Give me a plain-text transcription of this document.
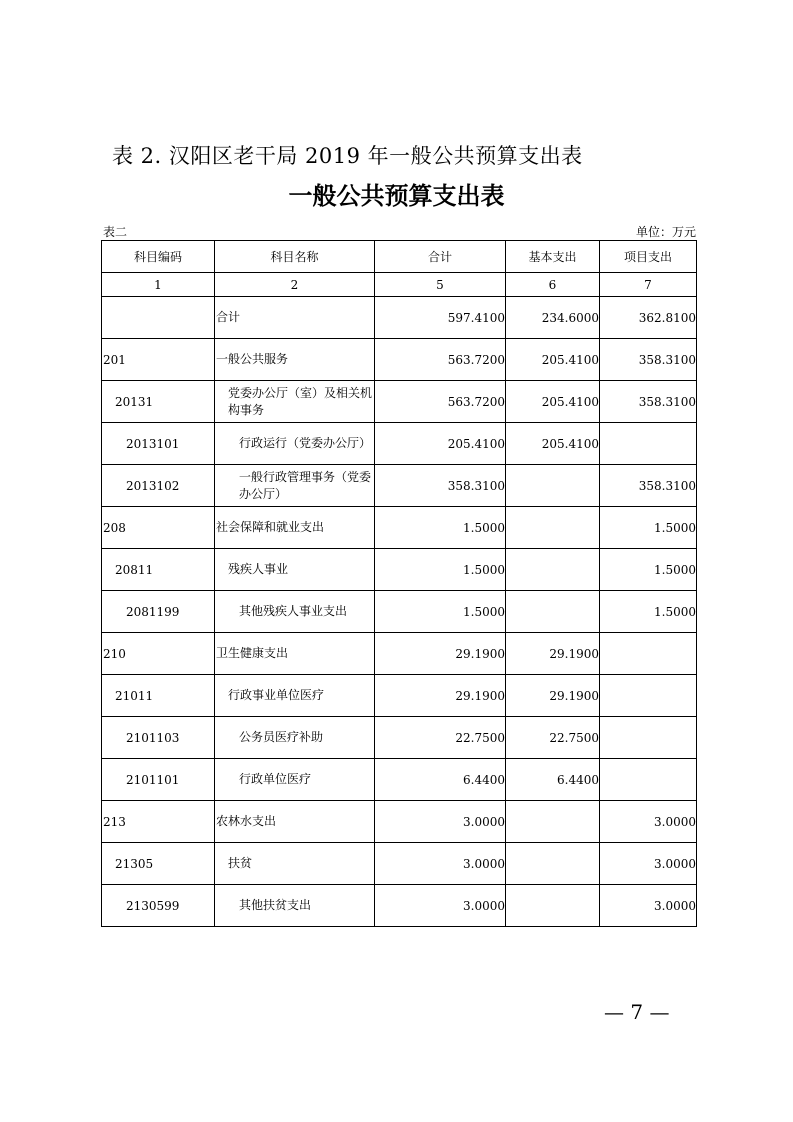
表 2. 汉阳区老干局 2019 年一般公共预算支出表
一般公共预算支出表
表二	单位：万元
科目编码	科目名称	合计	基本支出	项目支出
1	2	5	6	7
	合计	597.4100	234.6000	362.8100
201	一般公共服务	563.7200	205.4100	358.3100
20131	党委办公厅（室）及相关机构事务	563.7200	205.4100	358.3100
2013101	行政运行（党委办公厅）	205.4100	205.4100	
2013102	一般行政管理事务（党委办公厅）	358.3100		358.3100
208	社会保障和就业支出	1.5000		1.5000
20811	残疾人事业	1.5000		1.5000
2081199	其他残疾人事业支出	1.5000		1.5000
210	卫生健康支出	29.1900	29.1900	
21011	行政事业单位医疗	29.1900	29.1900	
2101103	公务员医疗补助	22.7500	22.7500	
2101101	行政单位医疗	6.4400	6.4400	
213	农林水支出	3.0000		3.0000
21305	扶贫	3.0000		3.0000
2130599	其他扶贫支出	3.0000		3.0000
— 7 —
